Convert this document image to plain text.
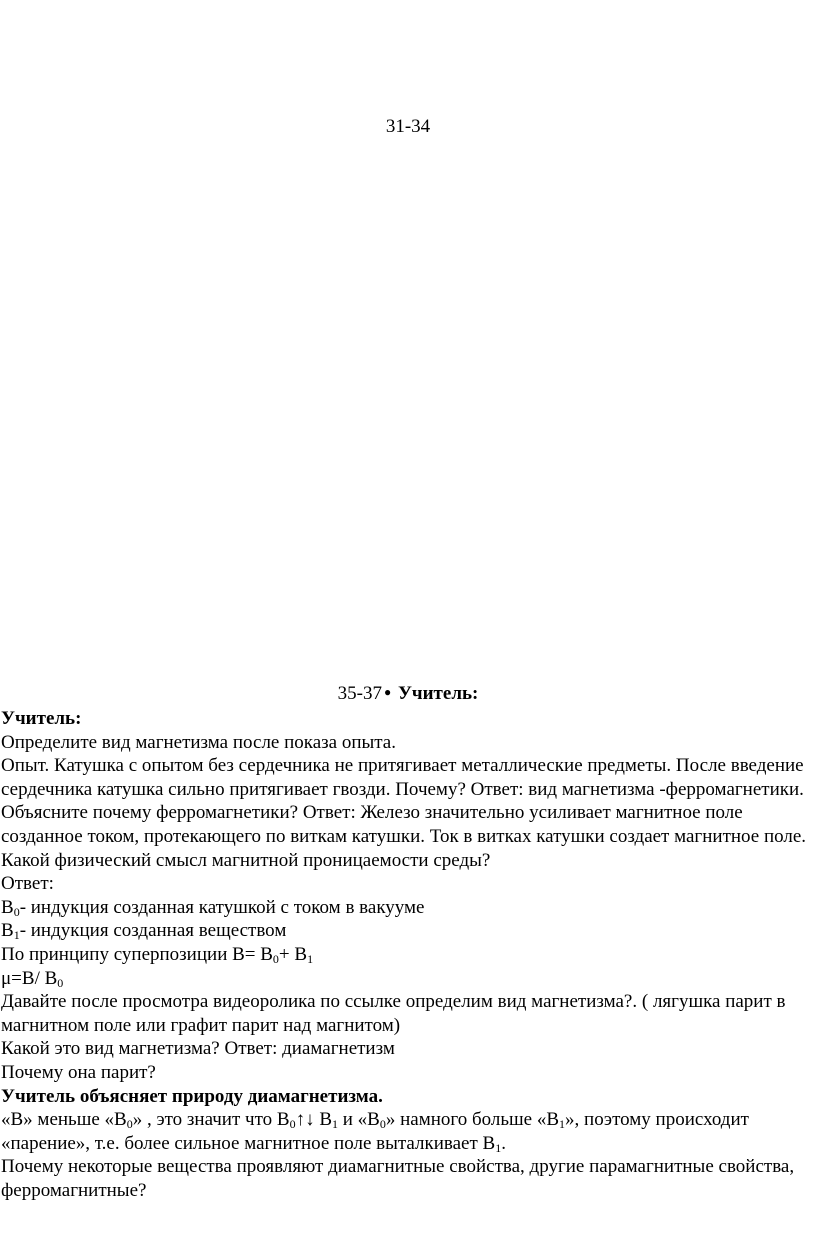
31-34
35-37 ● Учитель:

Учитель:

Определите вид магнетизма после показа опыта.

Опыт. Катушка с опытом без сердечника не притягивает металлические предметы. После введение сердечника катушка сильно притягивает гвозди. Почему? Ответ: вид магнетизма -ферромагнетики.

Объясните почему ферромагнетики? Ответ: Железо значительно усиливает магнитное поле созданное током, протекающего по виткам катушки. Ток в витках катушки создает магнитное поле.

Какой физический смысл магнитной проницаемости среды?

Ответ:

$B_0-$ индукция созданная катушкой с током в вакууме

$B_1-$ индукция созданная веществом

По принципу суперпозиции $B= B_0+ B_1$

μ=B/ $B_0$

Давайте после просмотра видеоролика по ссылке определим вид магнетизма?. ( лягушка парит в магнитном поле или графит парит над магнитом)

Какой это вид магнетизма? Ответ: диамагнетизм

Почему она парит?

Учитель объясняет природу диамагнетизма.

«B» меньше «$B_0$» , это значит что $B_0↑↓$ $B_1$ и «$B_0$» намного больше «$B_1$», поэтому происходит «парение», т.е. более сильное магнитное поле выталкивает $B_1$.

Почему некоторые вещества проявляют диамагнитные свойства, другие парамагнитные свойства, ферромагнитные?
